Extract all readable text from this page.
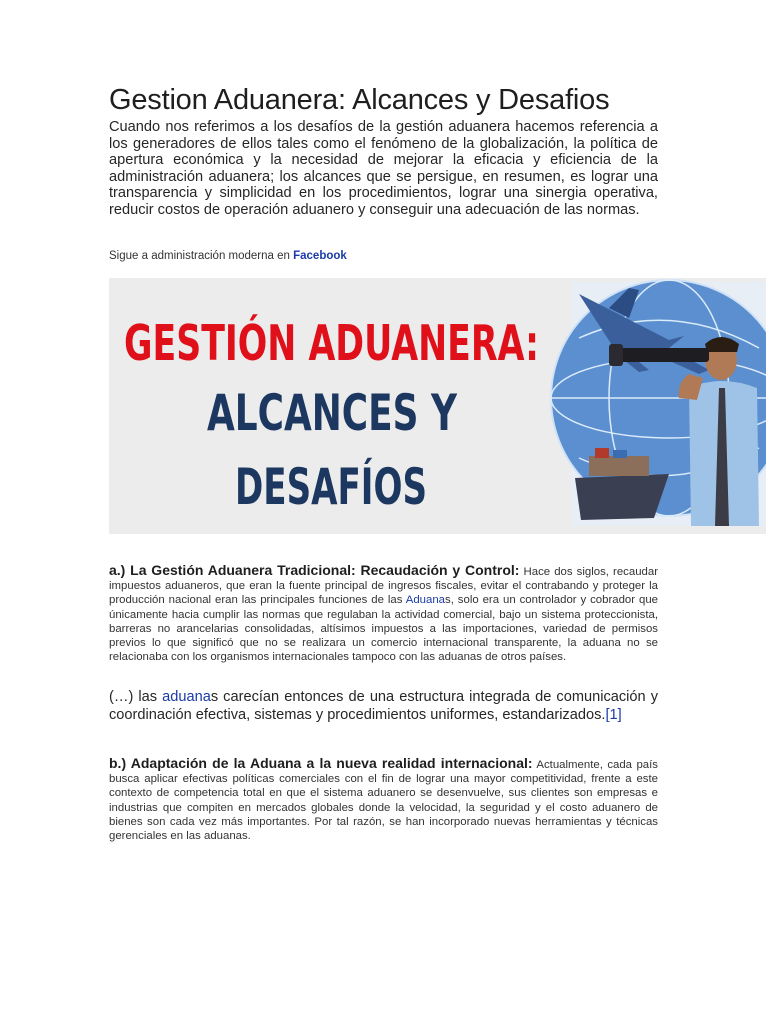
Gestion Aduanera: Alcances y Desafios

Cuando nos referimos a los desafíos de la gestión aduanera hacemos referencia a los generadores de ellos tales como el fenómeno de la globalización, la política de apertura económica y la necesidad de mejorar la eficacia y eficiencia de la administración aduanera; los alcances que se persigue, en resumen, es lograr una transparencia y simplicidad en los procedimientos, lograr una sinergia operativa, reducir costos de operación aduanero y conseguir una adecuación de las normas.

Sigue a administración moderna en Facebook
GESTIÓN ADUANERA:
ALCANCES Y
DESAFÍOS

a.) La Gestión Aduanera Tradicional: Recaudación y Control: Hace dos siglos, recaudar impuestos aduaneros, que eran la fuente principal de ingresos fiscales, evitar el contrabando y proteger la producción nacional eran las principales funciones de las Aduanas, solo era un controlador y cobrador que únicamente hacia cumplir las normas que regulaban la actividad comercial, bajo un sistema proteccionista, barreras no arancelarias consolidadas, altísimos impuestos a las importaciones, variedad de permisos previos lo que significó que no se realizara un comercio internacional transparente, la aduana no se relacionaba con los organismos internacionales tampoco con las aduanas de otros países.

(…) las aduanas carecían entonces de una estructura integrada de comunicación y coordinación efectiva, sistemas y procedimientos uniformes, estandarizados.[1]

b.) Adaptación de la Aduana a la nueva realidad internacional: Actualmente, cada país busca aplicar efectivas políticas comerciales con el fin de lograr una mayor competitividad, frente a este contexto de competencia total en que el sistema aduanero se desenvuelve, sus clientes son empresas e industrias que compiten en mercados globales donde la velocidad, la seguridad y el costo aduanero de bienes son cada vez más importantes. Por tal razón, se han incorporado nuevas herramientas y técnicas gerenciales en las aduanas.
